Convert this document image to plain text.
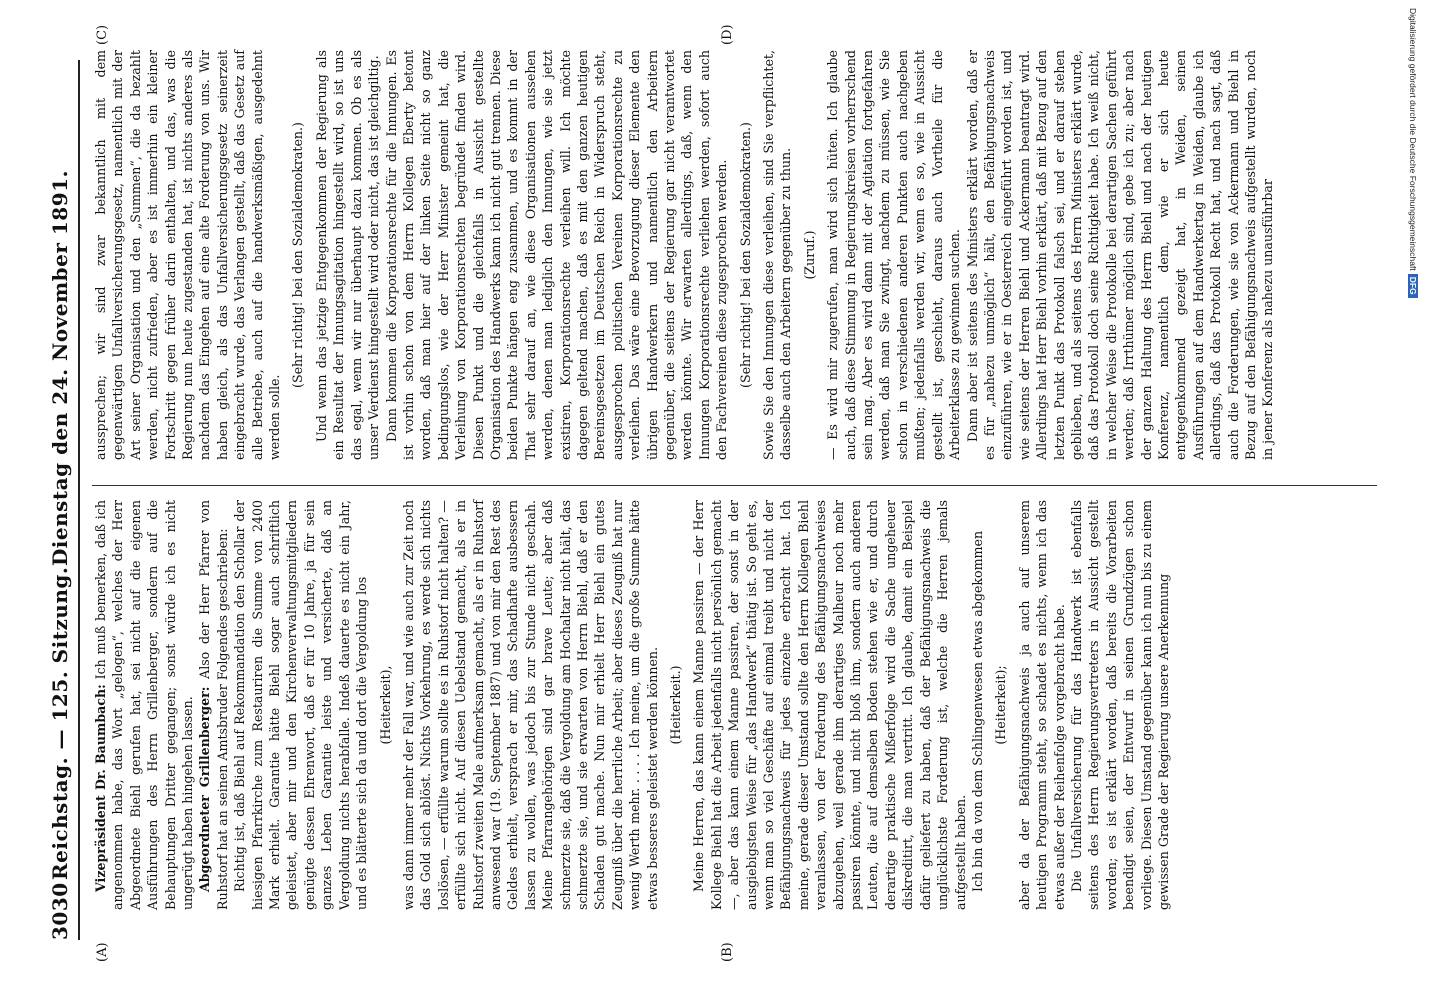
3030
Reichstag. — 125. Sitzung.
Dienstag den 24. November 1891.
(A)	(B)
(C)	(D)

Vizepräsident Dr. Baumbach: Ich muß bemerken, daß ich angenommen habe, das Wort „gelogen“, welches der Herr Abgeordnete Biehl gerufen hat, sei nicht auf die eigenen Ausführungen des Herrn Grillenberger, sondern auf die Behauptungen Dritter gegangen; sonst würde ich es nicht ungerügt haben hingehen lassen. Abgeordneter Grillenberger: Also der Herr Pfarrer von Ruhstorf hat an seinen Amtsbruder Folgendes geschrieben: Richtig ist, daß Biehl auf Rekommandation den Schollar der hiesigen Pfarrkirche zum Restauriren die Summe von 2400 Mark erhielt. Garantie hätte Biehl sogar auch schriftlich geleistet, aber mir und den Kirchenverwaltungsmitgliedern genügte dessen Ehrenwort, daß er für 10 Jahre, ja für sein ganzes Leben Garantie leiste und versicherte, daß an Vergoldung nichts herabfalle. Indeß dauerte es nicht ein Jahr, und es blätterte sich da und dort die Vergoldung los (Heiterkeit), was dann immer mehr der Fall war, und wie auch zur Zeit noch das Gold sich ablöst. Nichts Vorkehrung, es werde sich nichts loslösen, — erfüllte warum sollte es in Ruhstorf nicht halten? — erfüllte sich nicht. Auf diesen Uebelstand gemacht, als er in Ruhstorf zweiten Male aufmerksam gemacht, als er in Ruhstorf anwesend war (19. September 1887) und von mir den Rest des Geldes erhielt, versprach er mir, das Schadhafte ausbessern lassen zu wollen, was jedoch bis zur Stunde nicht geschah. Meine Pfarrangehörigen sind gar brave Leute; aber daß schmerzte sie, daß die Vergoldung am Hochaltar nicht hält, das schmerzte sie, und sie erwarten von Herrn Biehl, daß er den Schaden gut mache. Nun mir erhielt Herr Biehl ein gutes Zeugniß über die herrliche Arbeit; aber dieses Zeugniß hat nur wenig Werth mehr. . . . . Ich meine, um die große Summe hätte etwas besseres geleistet werden können. (Heiterkeit.) Meine Herren, das kann einem Manne passiren — der Herr Kollege Biehl hat die Arbeit jedenfalls nicht persönlich gemacht —, aber das kann einem Manne passiren, der sonst in der ausgiebigsten Weise für „das Handwerk“ thätig ist. So geht es, wenn man so viel Geschäfte auf einmal treibt und nicht der Befähigungsnachweis für jedes einzelne erbracht hat. Ich meine, gerade dieser Umstand sollte den Herrn Kollegen Biehl veranlassen, von der Forderung des Befähigungsnachweises abzugehen, weil gerade ihm derartiges Malheur noch mehr passiren könnte, und nicht bloß ihm, sondern auch anderen Leuten, die auf demselben Boden stehen wie er, und durch derartige praktische Mißerfolge wird die Sache ungeheuer diskreditirt, die man vertritt. Ich glaube, damit ein Beispiel dafür geliefert zu haben, daß der Befähigungsnachweis die unglücklichste Forderung ist, welche die Herren jemals aufgestellt haben. Ich bin da von dem Schlingenwesen etwas abgekommen (Heiterkeit); aber da der Befähigungsnachweis ja auch auf unserem heutigen Programm steht, so schadet es nichts, wenn ich das etwas außer der Reihenfolge vorgebracht habe. Die Unfallversicherung für das Handwerk ist ebenfalls seitens des Herrn Regierungsvertreters in Aussicht gestellt worden; es ist erklärt worden, daß bereits die Vorarbeiten beendigt seien, der Entwurf in seinen Grundzügen schon vorliege. Diesen Umstand gegenüber kann ich nun bis zu einem gewissen Grade der Regierung unsere Anerkennung

aussprechen; wir sind zwar bekanntlich mit dem gegenwärtigen Unfallversicherungsgesetz, namentlich mit der Art seiner Organisation und den „Summen“, die da bezahlt werden, nicht zufrieden, aber es ist immerhin ein kleiner Fortschritt gegen früher darin enthalten, und das, was die Regierung nun heute zugestanden hat, ist nichts anderes als nachdem das Eingehen auf eine alte Forderung von uns. Wir haben gleich, als das Unfallversicherungsgesetz seinerzeit eingebracht wurde, das Verlangen gestellt, daß das Gesetz auf alle Betriebe, auch auf die handwerksmäßigen, ausgedehnt werden solle.

(Sehr richtig! bei den Sozialdemokraten.) Und wenn das jetzige Entgegenkommen der Regierung als ein Resultat der Innungsagitation hingestellt wird, so ist uns das egal, wenn wir nur überhaupt dazu kommen. Ob es als unser Verdienst hingestellt wird oder nicht, das ist gleichgiltig. Dann kommen die Korporationsrechte für die Innungen. Es ist vorhin schon von dem Herrn Kollegen Eberty betont worden, daß man hier auf der linken Seite nicht so ganz bedingungslos, wie der Herr Minister gemeint hat, die Verleihung von Korporationsrechten begründet finden wird. Diesen Punkt und die gleichfalls in Aussicht gestellte Organisation des Handwerks kann ich nicht gut trennen. Diese beiden Punkte hängen eng zusammen, und es kommt in der That sehr darauf an, wie diese Organisationen aussehen werden, denen man lediglich den Innungen, wie sie jetzt existiren, Korporationsrechte verleihen will. Ich möchte dagegen geltend machen, daß es mit den ganzen heutigen Bereinsgesetzen im Deutschen Reich in Widerspruch steht, ausgesprochen politischen Vereinen Korporationsrechte zu verleihen. Das wäre eine Bevorzugung dieser Elemente den übrigen Handwerkern und namentlich den Arbeitern gegenüber, die seitens der Regierung gar nicht verantwortet werden könnte. Wir erwarten allerdings, daß, wenn den Innungen Korporationsrechte verliehen werden, sofort auch den Fachvereinen diese zugesprochen werden. (Sehr richtig! bei den Sozialdemokraten.) Sowie Sie den Innungen diese verleihen, sind Sie verpflichtet, dasselbe auch den Arbeitern gegenüber zu thun. (Zuruf.) — Es wird mir zugerufen, man wird sich hüten. Ich glaube auch, daß diese Stimmung in Regierungskreisen vorherrschend sein mag. Aber es wird dann mit der Agitation fortgefahren werden, daß man Sie zwingt, nachdem zu müssen, wie Sie schon in verschiedenen anderen Punkten auch nachgeben mußten; jedenfalls werden wir, wenn es so, wie in Aussicht gestellt ist, geschieht, daraus auch Vortheile für die Arbeiterklasse zu gewinnen suchen. Dann aber ist seitens des Ministers erklärt worden, daß er es für „nahezu unmöglich“ hält, den Befähigungsnachweis einzuführen, wie er in Oesterreich eingeführt worden ist, und wie seitens der Herren Biehl und Ackermann beantragt wird. Allerdings hat Herr Biehl vorhin erklärt, daß mit Bezug auf den letzten Punkt das Protokoll falsch sei, und er darauf stehen geblieben, und als seitens des Herrn Ministers erklärt wurde, daß das Protokoll doch seine Richtigkeit habe. Ich weiß nicht, in welcher Weise die Protokolle bei derartigen Sachen geführt werden; daß Irrthümer möglich sind, gebe ich zu; aber nach der ganzen Haltung des Herrn Biehl und nach der heutigen Konferenz, namentlich dem, wie er sich heute entgegenkommend gezeigt hat, in Weiden, seinen Ausführungen auf dem Handwerkertag in Weiden, glaube ich allerdings, daß das Protokoll Recht hat, und nach sagt, daß auch die Forderungen, wie sie von Ackermann und Biehl in Bezug auf den Befähigungsnachweis aufgestellt wurden, noch in jener Konferenz als nahezu unausführbar

Digitalisierung gefördert durch die Deutsche ForschungsgemeinschaftDFG
